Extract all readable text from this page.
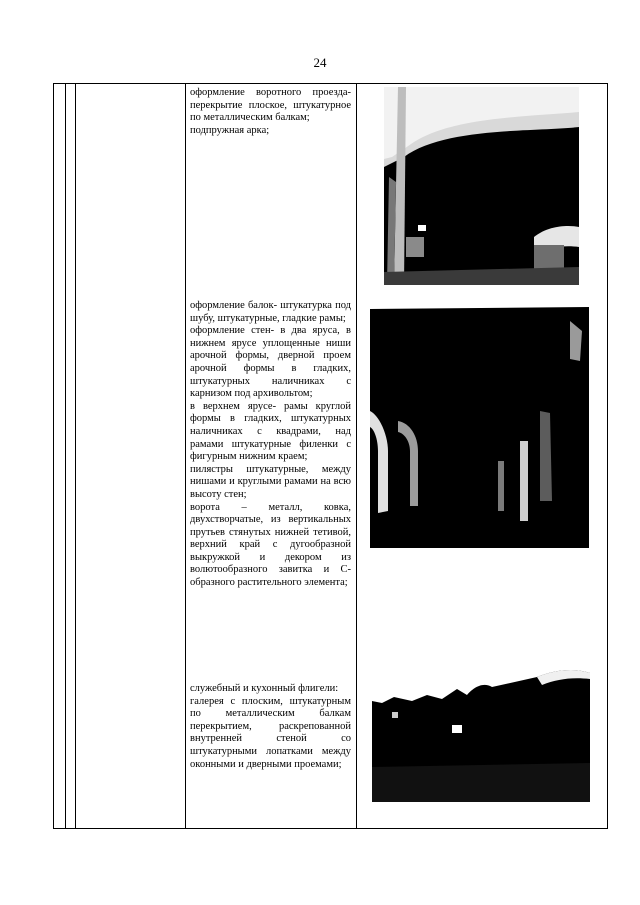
24

оформление воротного проезда- перекрытие плоское, штукатурное по металлическим балкам;

подпружная арка;

оформление балок- штукатурка под шубу, штукатурные, гладкие рамы;

оформление стен- в два яруса, в нижнем ярусе уплощенные ниши арочной формы, дверной проем арочной формы в гладких, штукатурных наличниках с карнизом под архивольтом;

в верхнем ярусе- рамы круглой формы в гладких, штукатурных наличниках с квадрами, над рамами штукатурные филенки с фигурным нижним краем;

пилястры штукатурные, между нишами и круглыми рамами на всю высоту стен;

ворота – металл, ковка, двухстворчатые, из вертикальных прутьев стянутых нижней тетивой, верхний край с дугообразной выкружкой и декором из волютообразного завитка и С-образного растительного элемента;

служебный и кухонный флигели:

галерея с плоским, штукатурным по металлическим балкам перекрытием, раскрепованной внутренней стеной со штукатурными лопатками между оконными и дверными проемами;
